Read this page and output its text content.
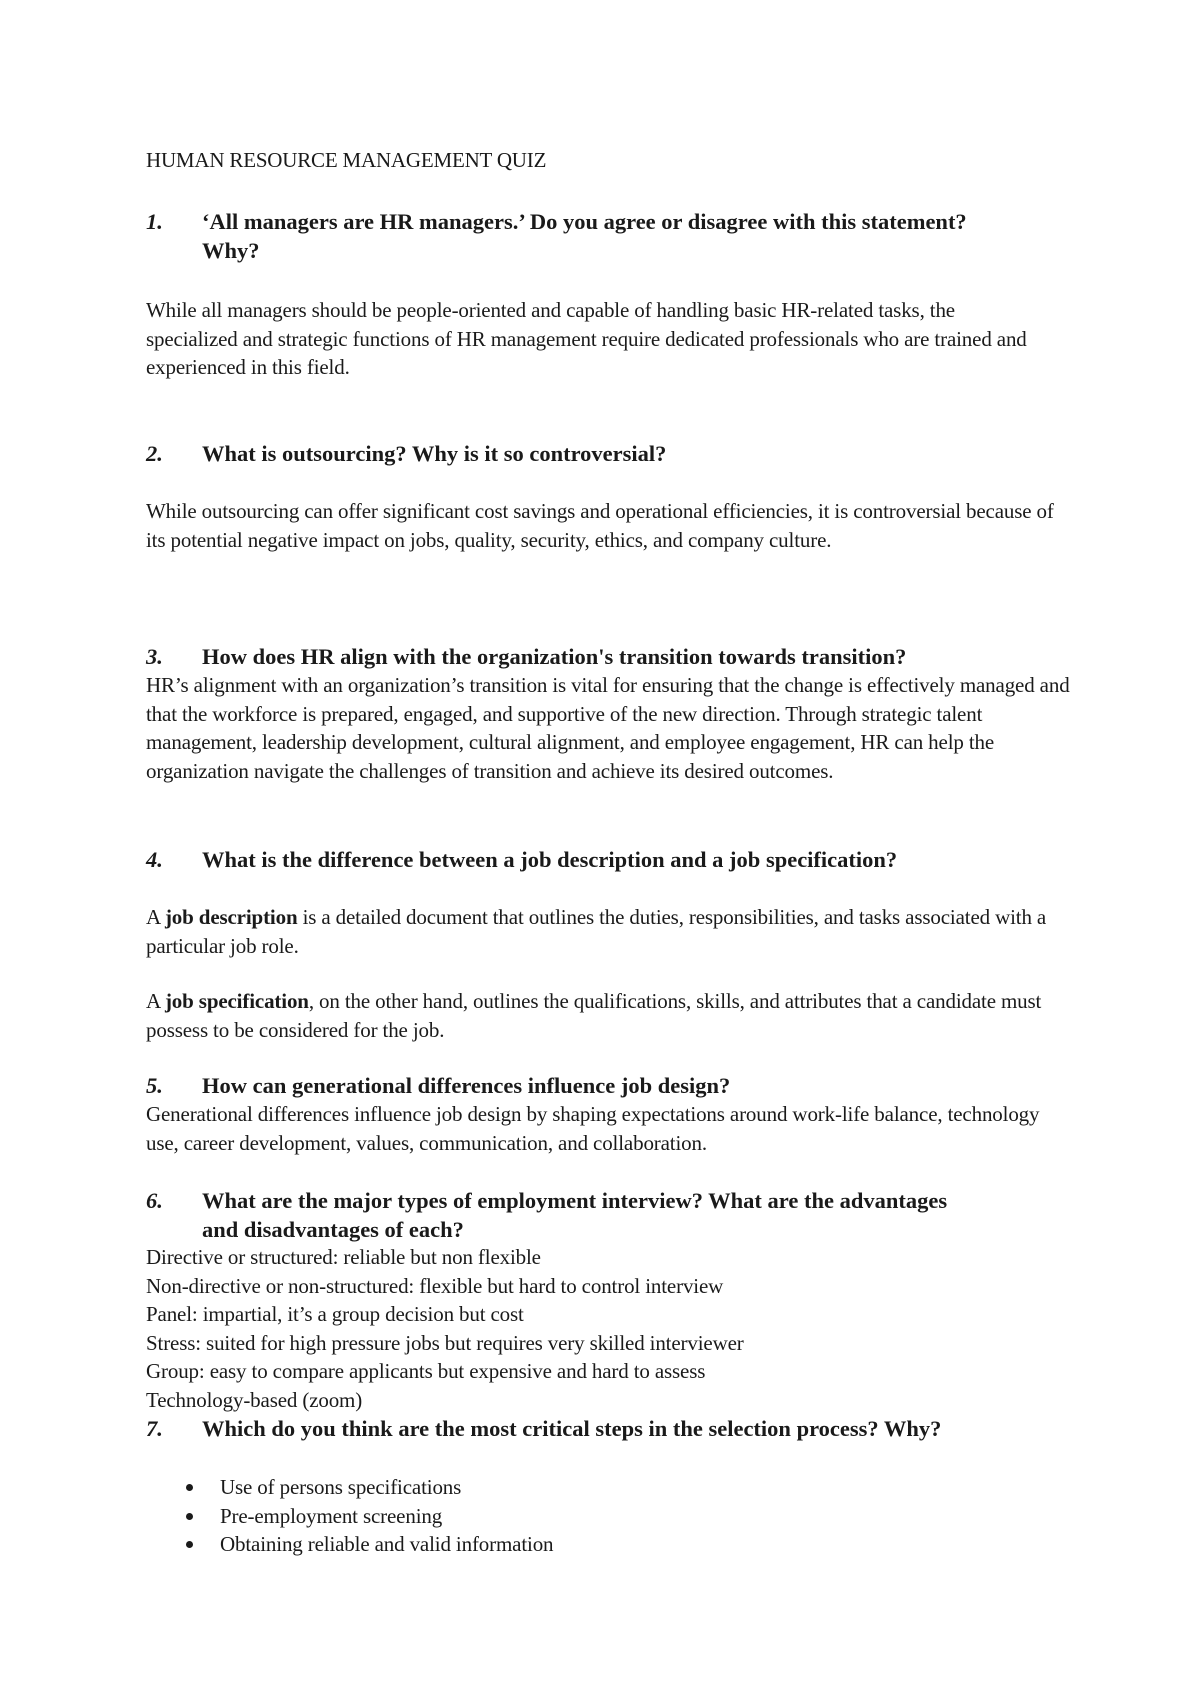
HUMAN RESOURCE MANAGEMENT QUIZ
1.	‘All managers are HR managers.’ Do you agree or disagree with this statement? Why?

While all managers should be people-oriented and capable of handling basic HR-related tasks, the specialized and strategic functions of HR management require dedicated professionals who are trained and experienced in this field.

2.	What is outsourcing? Why is it so controversial?

While outsourcing can offer significant cost savings and operational efficiencies, it is controversial because of its potential negative impact on jobs, quality, security, ethics, and company culture.

3.	How does HR align with the organization's transition towards transition?

HR’s alignment with an organization’s transition is vital for ensuring that the change is effectively managed and that the workforce is prepared, engaged, and supportive of the new direction. Through strategic talent management, leadership development, cultural alignment, and employee engagement, HR can help the organization navigate the challenges of transition and achieve its desired outcomes.

4.	What is the difference between a job description and a job specification?

A job description is a detailed document that outlines the duties, responsibilities, and tasks associated with a particular job role.

A job specification, on the other hand, outlines the qualifications, skills, and attributes that a candidate must possess to be considered for the job.

5.	How can generational differences influence job design?

Generational differences influence job design by shaping expectations around work-life balance, technology use, career development, values, communication, and collaboration.

6.	What are the major types of employment interview? What are the advantages and disadvantages of each?
Directive or structured: reliable but non flexible
Non-directive or non-structured: flexible but hard to control interview
Panel: impartial, it’s a group decision but cost
Stress: suited for high pressure jobs but requires very skilled interviewer
Group: easy to compare applicants but expensive and hard to assess
Technology-based (zoom)
7.	Which do you think are the most critical steps in the selection process? Why?
Use of persons specifications
Pre-employment screening
Obtaining reliable and valid information
